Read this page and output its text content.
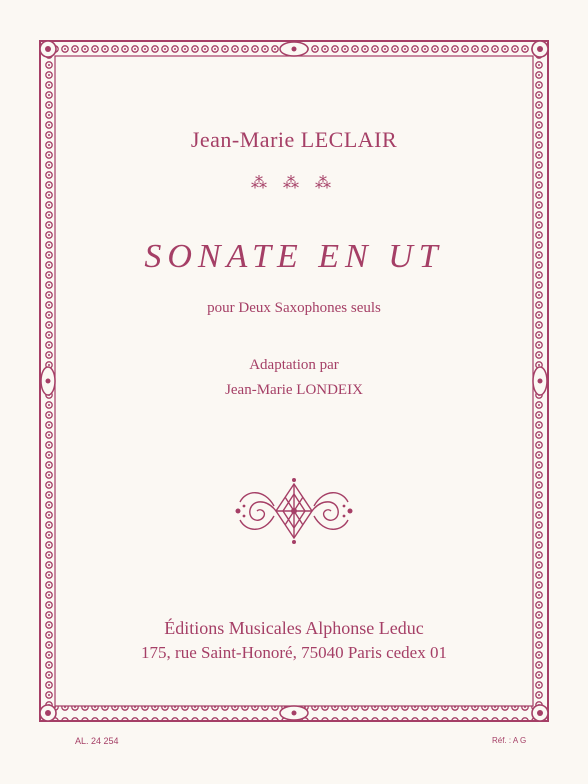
Jean-Marie LECLAIR
⁂ ⁂ ⁂
SONATE EN UT
pour Deux Saxophones seuls
Adaptation par
Jean-Marie LONDEIX
Éditions Musicales Alphonse Leduc
175, rue Saint-Honoré, 75040 Paris cedex 01
AL. 24 254	Réf. : A G
